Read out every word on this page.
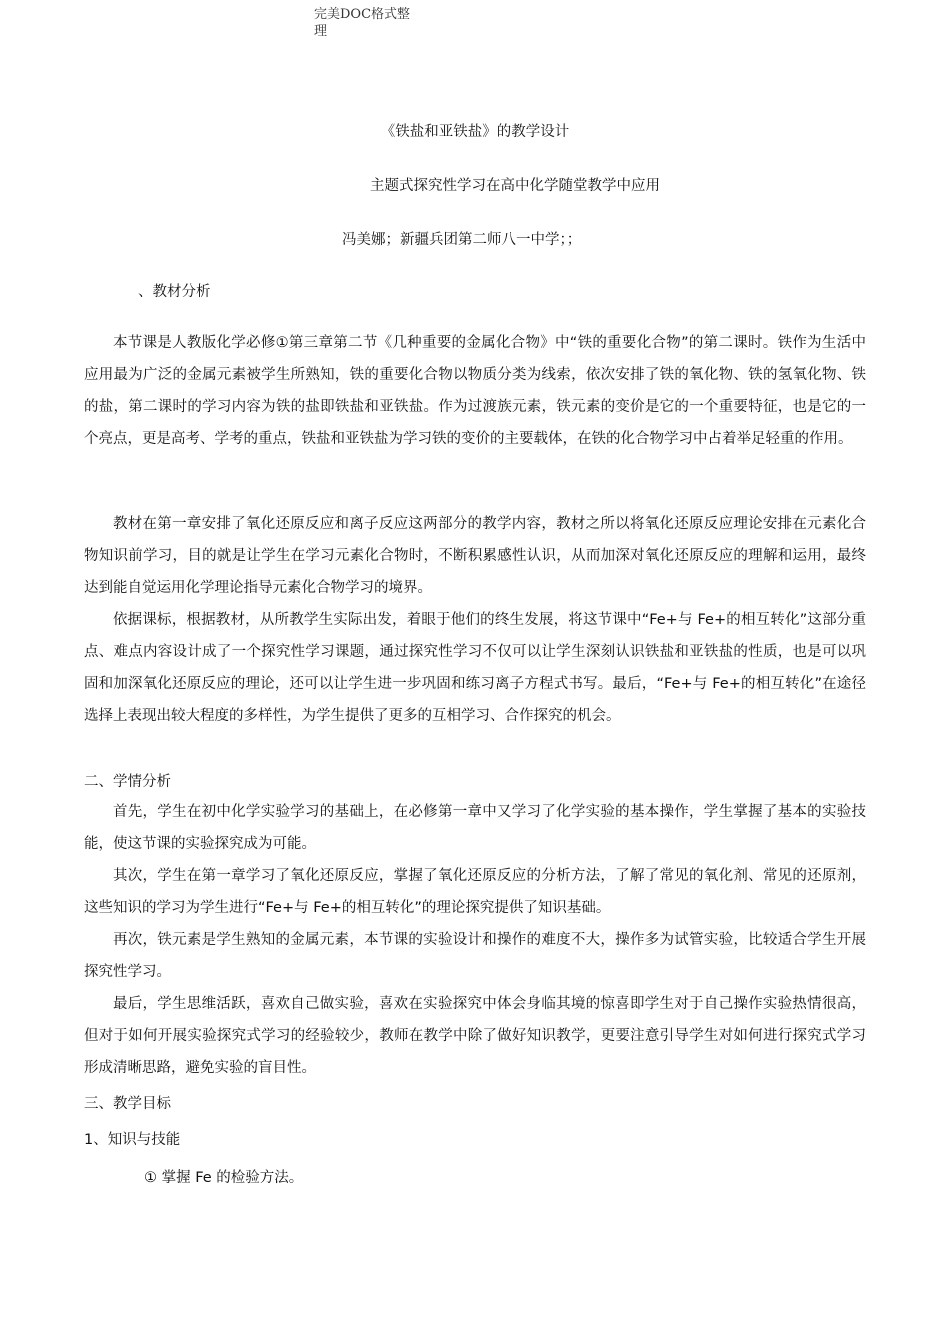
完美DOC格式整
理
《铁盐和亚铁盐》的教学设计
主题式探究性学习在高中化学随堂教学中应用
冯美娜；新疆兵团第二师八一中学；；
、教材分析

本节课是人教版化学必修①第三章第二节《几种重要的金属化合物》中“铁的重要化合物”的第二课时。铁作为生活中应用最为广泛的金属元素被学生所熟知，铁的重要化合物以物质分类为线索，依次安排了铁的氧化物、铁的氢氧化物、铁的盐，第二课时的学习内容为铁的盐即铁盐和亚铁盐。作为过渡族元素，铁元素的变价是它的一个重要特征，也是它的一个亮点，更是高考、学考的重点，铁盐和亚铁盐为学习铁的变价的主要载体，在铁的化合物学习中占着举足轻重的作用。

教材在第一章安排了氧化还原反应和离子反应这两部分的教学内容，教材之所以将氧化还原反应理论安排在元素化合物知识前学习，目的就是让学生在学习元素化合物时，不断积累感性认识，从而加深对氧化还原反应的理解和运用，最终达到能自觉运用化学理论指导元素化合物学习的境界。

依据课标，根据教材，从所教学生实际出发，着眼于他们的终生发展，将这节课中“Fe+与 Fe+的相互转化”这部分重点、难点内容设计成了一个探究性学习课题，通过探究性学习不仅可以让学生深刻认识铁盐和亚铁盐的性质，也是可以巩固和加深氧化还原反应的理论，还可以让学生进一步巩固和练习离子方程式书写。最后，“Fe+与 Fe+的相互转化”在途径选择上表现出较大程度的多样性，为学生提供了更多的互相学习、合作探究的机会。

二、学情分析

首先，学生在初中化学实验学习的基础上，在必修第一章中又学习了化学实验的基本操作，学生掌握了基本的实验技能，使这节课的实验探究成为可能。

其次，学生在第一章学习了氧化还原反应，掌握了氧化还原反应的分析方法，了解了常见的氧化剂、常见的还原剂，这些知识的学习为学生进行“Fe+与 Fe+的相互转化”的理论探究提供了知识基础。

再次，铁元素是学生熟知的金属元素，本节课的实验设计和操作的难度不大，操作多为试管实验，比较适合学生开展探究性学习。

最后，学生思维活跃，喜欢自己做实验，喜欢在实验探究中体会身临其境的惊喜即学生对于自己操作实验热情很高，但对于如何开展实验探究式学习的经验较少，教师在教学中除了做好知识教学，更要注意引导学生对如何进行探究式学习形成清晰思路，避免实验的盲目性。

三、教学目标
1、知识与技能
① 掌握 Fe 的检验方法。
